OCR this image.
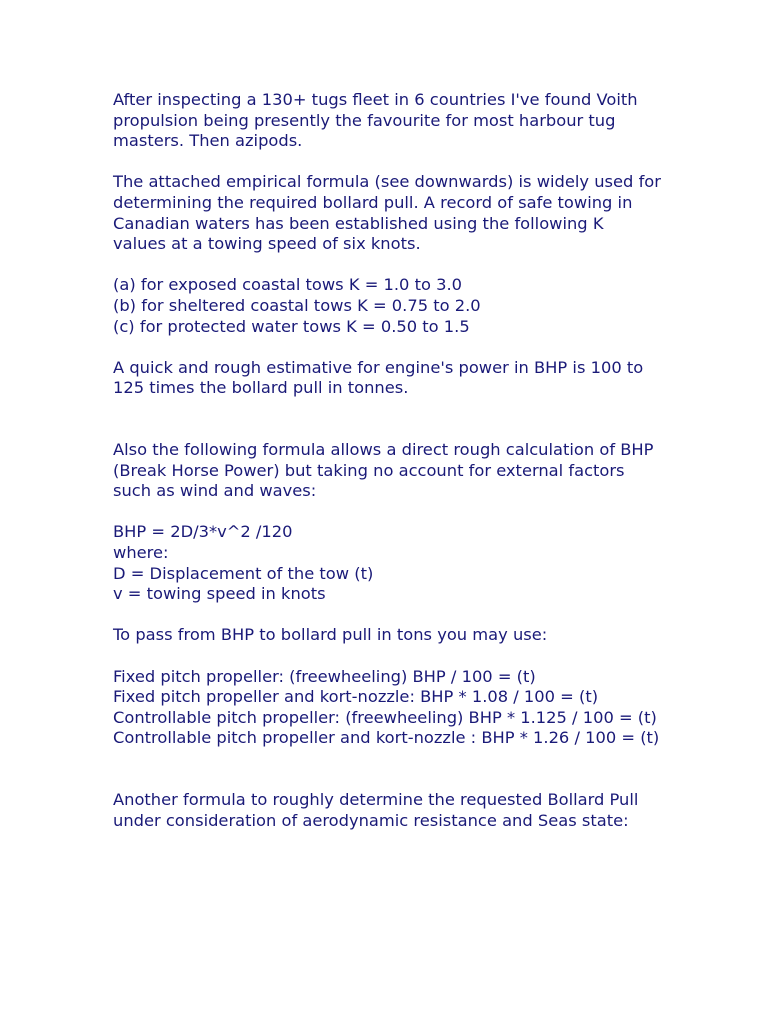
After inspecting a 130+ tugs fleet in 6 countries I've found Voith propulsion being presently the favourite for most harbour tug masters. Then azipods.

The attached empirical formula (see downwards) is widely used for determining the required bollard pull. A record of safe towing in Canadian waters has been established using the following K values at a towing speed of six knots.

(a) for exposed coastal tows K = 1.0 to 3.0

(b) for sheltered coastal tows K = 0.75 to 2.0

(c) for protected water tows K = 0.50 to 1.5

A quick and rough estimative for engine's power in BHP is 100 to 125 times the bollard pull in tonnes.

Also the following formula allows a direct rough calculation of BHP (Break Horse Power) but taking no account for external factors such as wind and waves:

BHP = 2D/3*v^2 /120

where:

D = Displacement of the tow (t)

v = towing speed in knots

To pass from BHP to bollard pull in tons you may use:

Fixed pitch propeller: (freewheeling) BHP / 100 = (t)

Fixed pitch propeller and kort-nozzle: BHP * 1.08 / 100 = (t)

Controllable pitch propeller: (freewheeling) BHP * 1.125 / 100 = (t)

Controllable pitch propeller and kort-nozzle : BHP * 1.26 / 100 = (t)

Another formula to roughly determine the requested Bollard Pull under consideration of aerodynamic resistance and Seas state:
